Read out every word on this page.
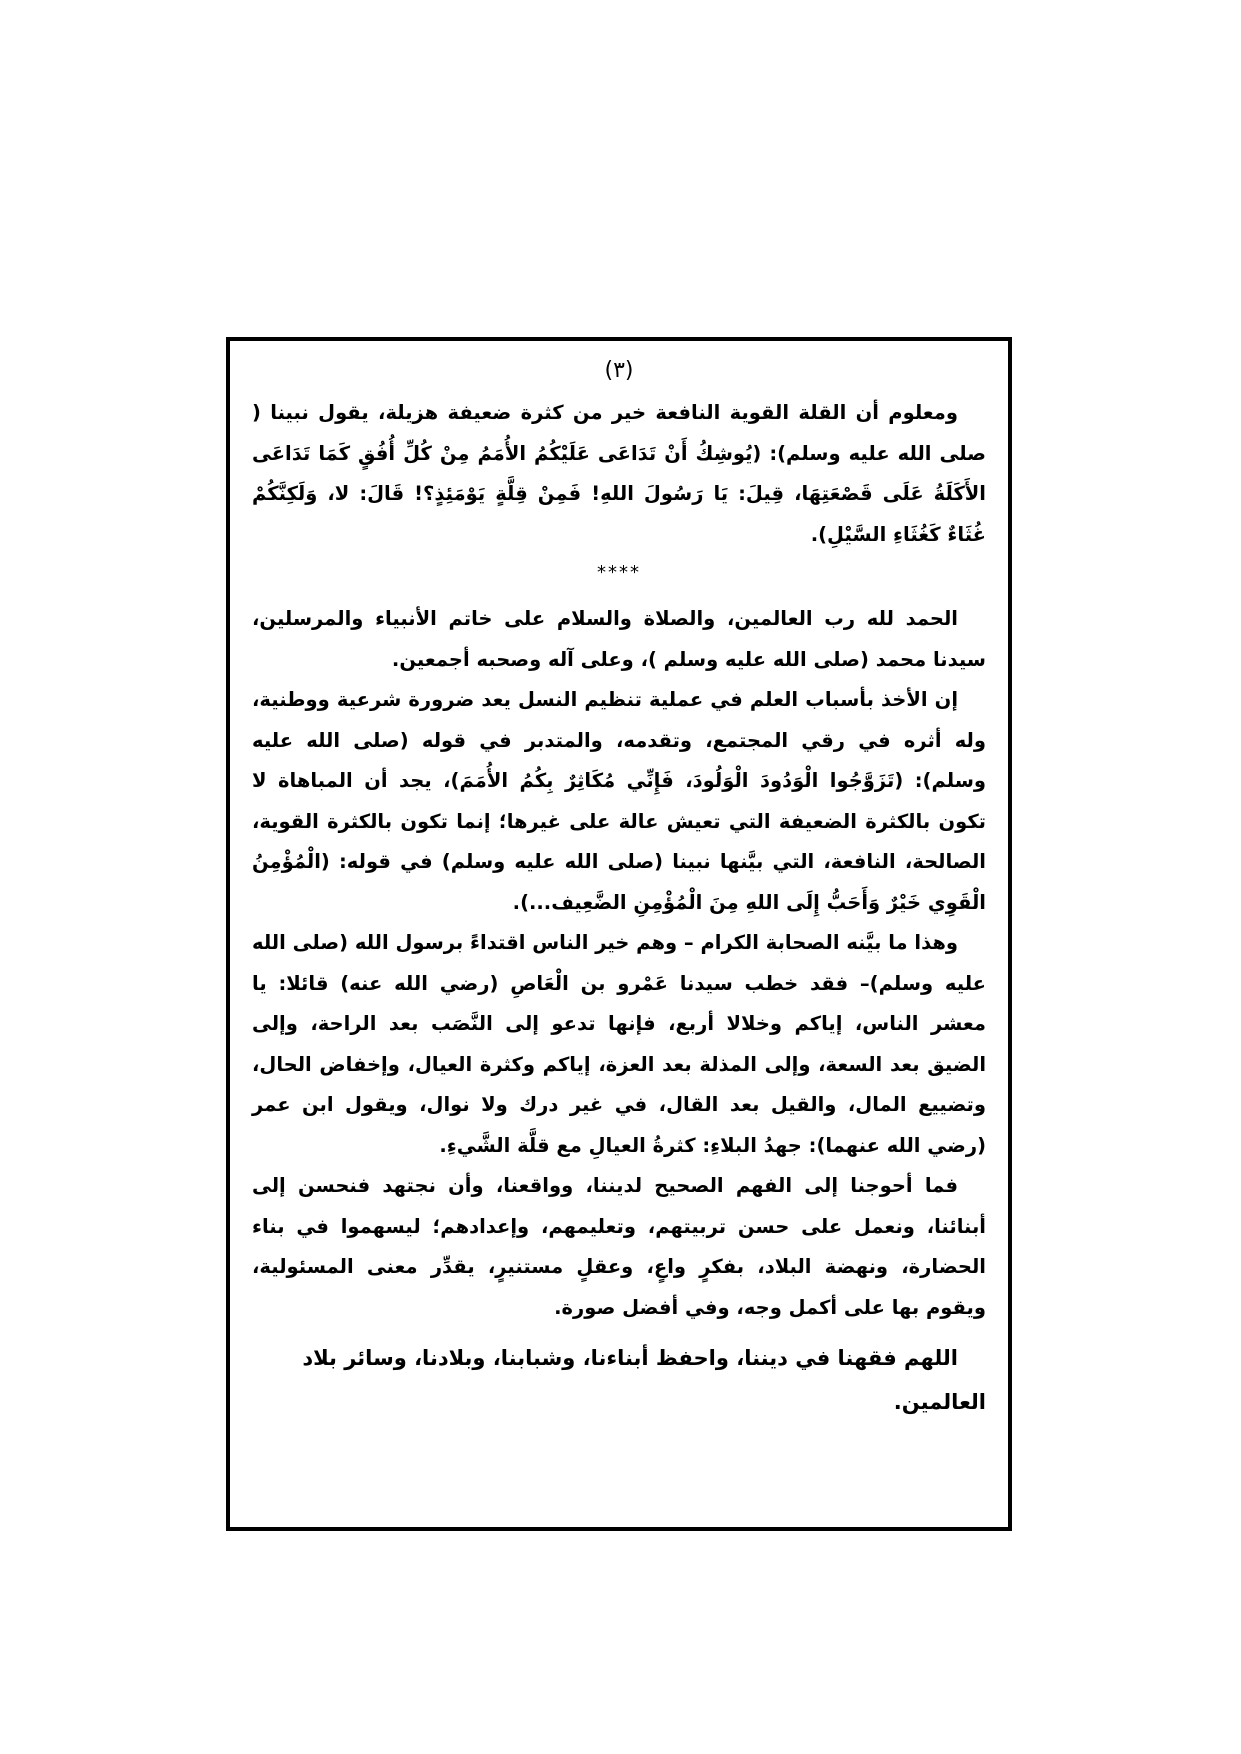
(٣)

ومعلوم أن القلة القوية النافعة خير من كثرة ضعيفة هزيلة، يقول نبينا ( صلى الله عليه وسلم): (يُوشِكُ أَنْ تَدَاعَى عَلَيْكُمُ الأُمَمُ مِنْ كُلِّ أُفُقٍ كَمَا تَدَاعَى الأَكَلَةُ عَلَى قَصْعَتِهَا، قِيلَ: يَا رَسُولَ اللهِ! فَمِنْ قِلَّةٍ يَوْمَئِذٍ؟! قَالَ: لا، وَلَكِنَّكُمْ غُثَاءٌ كَغُثَاءِ السَّيْلِ).

****

الحمد لله رب العالمين، والصلاة والسلام على خاتم الأنبياء والمرسلين، سيدنا محمد (صلى الله عليه وسلم )، وعلى آله وصحبه أجمعين.

إن الأخذ بأسباب العلم في عملية تنظيم النسل يعد ضرورة شرعية ووطنية، وله أثره في رقي المجتمع، وتقدمه، والمتدبر في قوله (صلى الله عليه وسلم): (تَزَوَّجُوا الْوَدُودَ الْوَلُودَ، فَإِنِّي مُكَاثِرٌ بِكُمُ الأُمَمَ)، يجد أن المباهاة لا تكون بالكثرة الضعيفة التي تعيش عالة على غيرها؛ إنما تكون بالكثرة القوية، الصالحة، النافعة، التي بيَّنها نبينا (صلى الله عليه وسلم) في قوله: (الْمُؤْمِنُ الْقَوِي خَيْرٌ وَأَحَبُّ إِلَى اللهِ مِنَ الْمُؤْمِنِ الضَّعِيف...).

وهذا ما بيَّنه الصحابة الكرام – وهم خير الناس اقتداءً برسول الله (صلى الله عليه وسلم)– فقد خطب سيدنا عَمْرو بن الْعَاصِ (رضي الله عنه) قائلا: يا معشر الناس، إياكم وخلالا أربع، فإنها تدعو إلى النَّصَب بعد الراحة، وإلى الضيق بعد السعة، وإلى المذلة بعد العزة، إياكم وكثرة العيال، وإخفاض الحال، وتضييع المال، والقيل بعد القال، في غير درك ولا نوال، ويقول ابن عمر (رضي الله عنهما): جهدُ البلاءِ: كثرةُ العيالِ مع قلَّة الشَّيءِ.

فما أحوجنا إلى الفهم الصحيح لديننا، وواقعنا، وأن نجتهد فنحسن إلى أبنائنا، ونعمل على حسن تربيتهم، وتعليمهم، وإعدادهم؛ ليسهموا في بناء الحضارة، ونهضة البلاد، بفكرٍ واعٍ، وعقلٍ مستنيرٍ، يقدِّر معنى المسئولية، ويقوم بها على أكمل وجه، وفي أفضل صورة.

اللهم فقهنا في ديننا، واحفظ أبناءنا، وشبابنا، وبلادنا، وسائر بلاد العالمين.
